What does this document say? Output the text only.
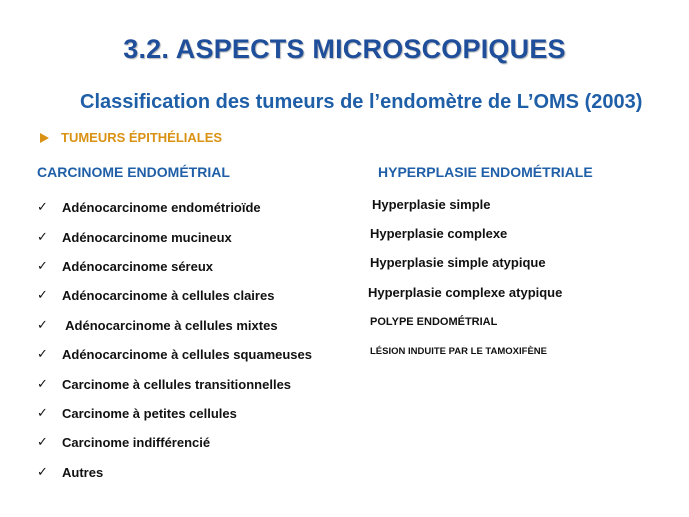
3.2. ASPECTS MICROSCOPIQUES
Classification des tumeurs de l’endomètre de L’OMS (2003)
TUMEURS ÉPITHÉLIALES
CARCINOME ENDOMÉTRIAL	HYPERPLASIE ENDOMÉTRIALE
✓ Adénocarcinome endométrioïde
✓ Adénocarcinome mucineux
✓ Adénocarcinome séreux
✓ Adénocarcinome à cellules claires
✓ Adénocarcinome à cellules mixtes
✓ Adénocarcinome à cellules squameuses
✓ Carcinome à cellules transitionnelles
✓ Carcinome à petites cellules
✓ Carcinome indifférencié
✓ Autres
Hyperplasie simple
Hyperplasie complexe
Hyperplasie simple atypique
Hyperplasie complexe atypique
POLYPE ENDOMÉTRIAL
LÉSION INDUITE PAR LE TAMOXIFÈNE
